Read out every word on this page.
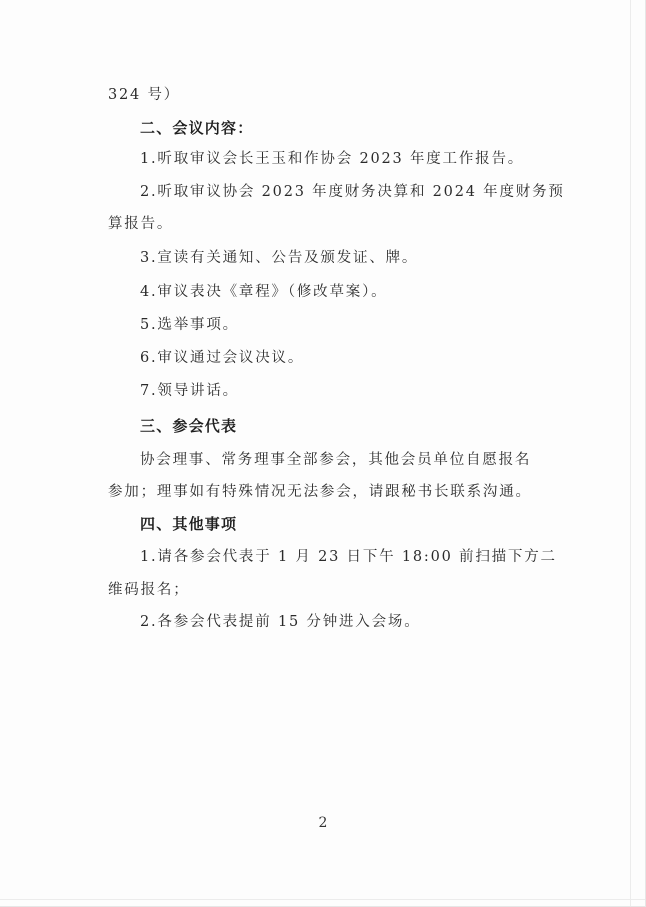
324 号）
二、会议内容：
1.听取审议会长王玉和作协会 2023 年度工作报告。
2.听取审议协会 2023 年度财务决算和 2024 年度财务预
算报告。
3.宣读有关通知、公告及颁发证、牌。
4.审议表决《章程》（修改草案）。
5.选举事项。
6.审议通过会议决议。
7.领导讲话。
三、参会代表
协会理事、常务理事全部参会，其他会员单位自愿报名
参加；理事如有特殊情况无法参会，请跟秘书长联系沟通。
四、其他事项
1.请各参会代表于 1 月 23 日下午 18:00 前扫描下方二
维码报名；
2.各参会代表提前 15 分钟进入会场。
2
